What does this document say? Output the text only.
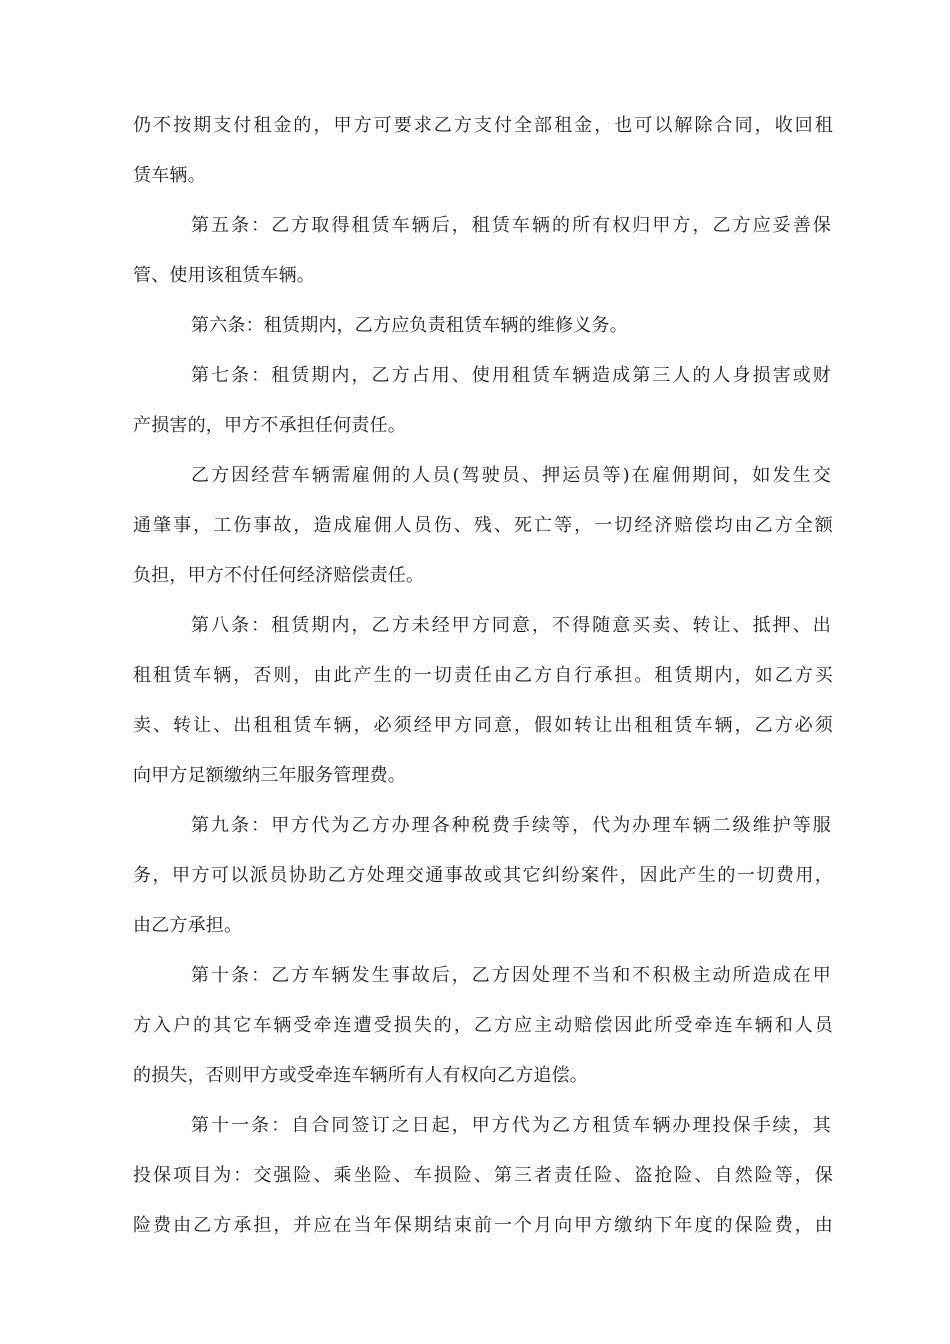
仍不按期支付租金的，甲方可要求乙方支付全部租金，也可以解除合同，收回租
赁车辆。
第五条：乙方取得租赁车辆后，租赁车辆的所有权归甲方，乙方应妥善保
管、使用该租赁车辆。
第六条：租赁期内，乙方应负责租赁车辆的维修义务。
第七条：租赁期内，乙方占用、使用租赁车辆造成第三人的人身损害或财
产损害的，甲方不承担任何责任。
乙方因经营车辆需雇佣的人员(驾驶员、押运员等)在雇佣期间，如发生交
通肇事，工伤事故，造成雇佣人员伤、残、死亡等，一切经济赔偿均由乙方全额
负担，甲方不付任何经济赔偿责任。
第八条：租赁期内，乙方未经甲方同意，不得随意买卖、转让、抵押、出
租租赁车辆，否则，由此产生的一切责任由乙方自行承担。租赁期内，如乙方买
卖、转让、出租租赁车辆，必须经甲方同意，假如转让出租租赁车辆，乙方必须
向甲方足额缴纳三年服务管理费。
第九条：甲方代为乙方办理各种税费手续等，代为办理车辆二级维护等服
务，甲方可以派员协助乙方处理交通事故或其它纠纷案件，因此产生的一切费用，
由乙方承担。
第十条：乙方车辆发生事故后，乙方因处理不当和不积极主动所造成在甲
方入户的其它车辆受牵连遭受损失的，乙方应主动赔偿因此所受牵连车辆和人员
的损失，否则甲方或受牵连车辆所有人有权向乙方追偿。
第十一条：自合同签订之日起，甲方代为乙方租赁车辆办理投保手续，其
投保项目为：交强险、乘坐险、车损险、第三者责任险、盗抢险、自然险等，保
险费由乙方承担，并应在当年保期结束前一个月向甲方缴纳下年度的保险费，由
